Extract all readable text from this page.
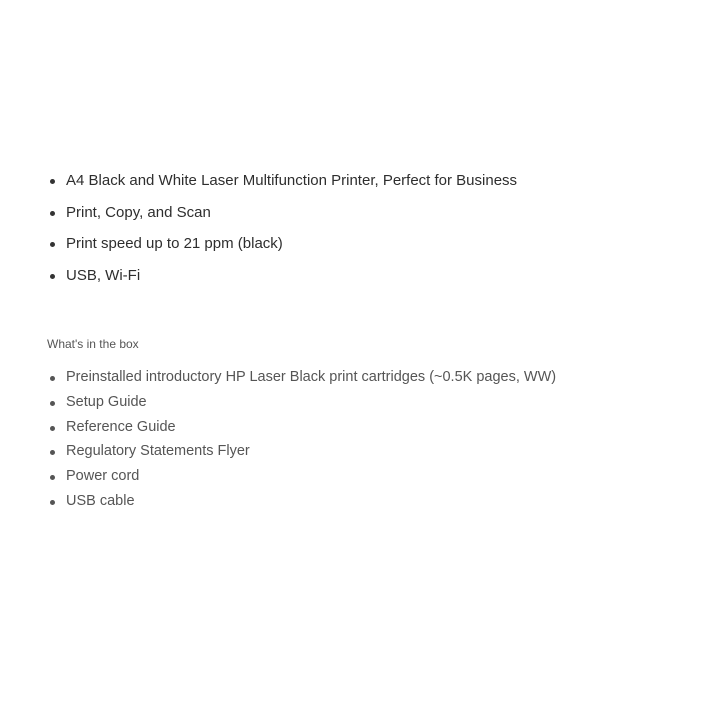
A4 Black and White Laser Multifunction Printer, Perfect for Business
Print, Copy, and Scan
Print speed up to 21 ppm (black)
USB, Wi-Fi
What's in the box
Preinstalled introductory HP Laser Black print cartridges (~0.5K pages, WW)
Setup Guide
Reference Guide
Regulatory Statements Flyer
Power cord
USB cable
